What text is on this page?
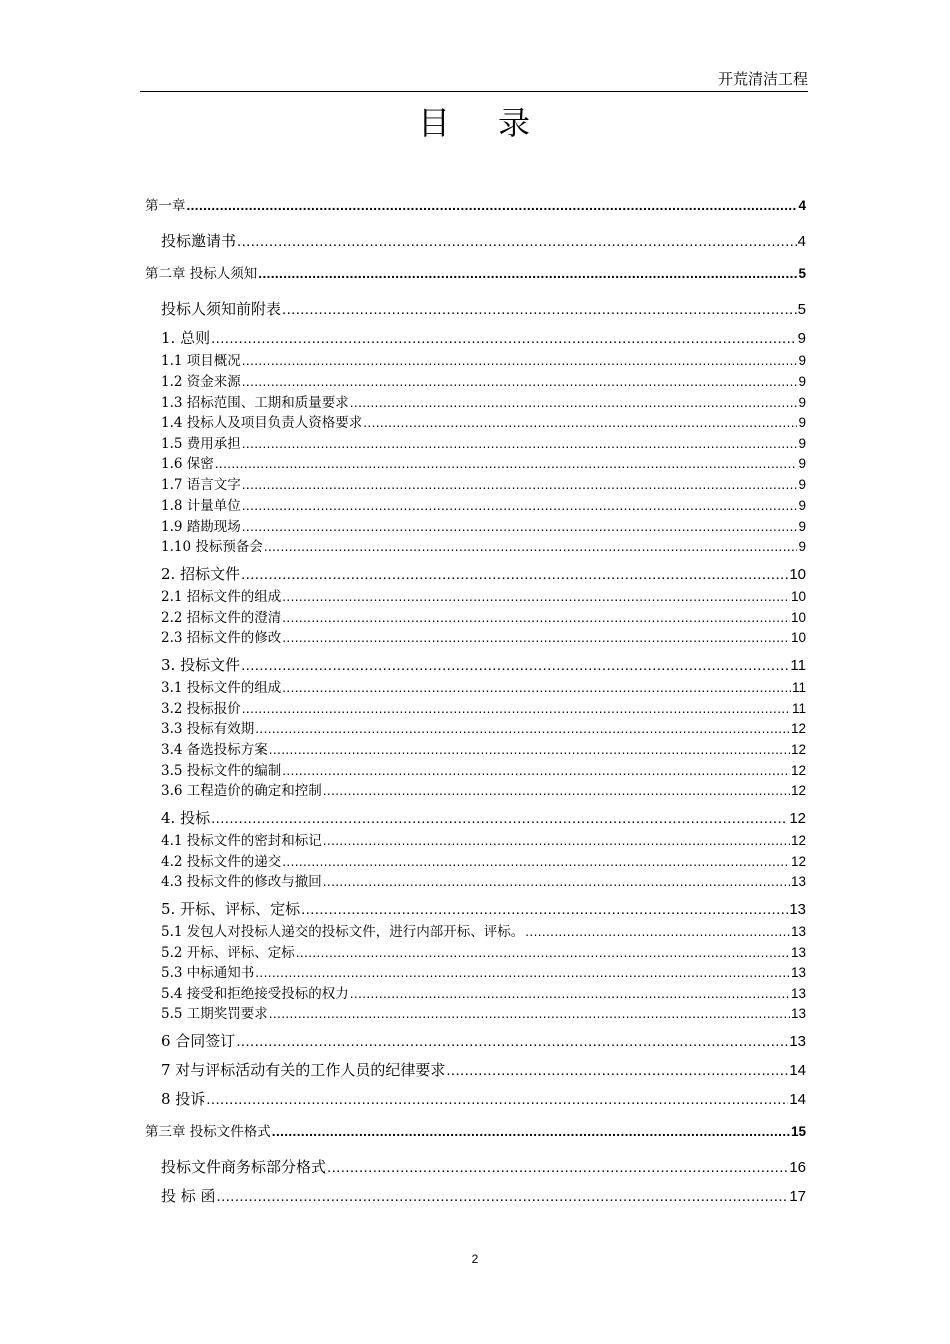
开荒清洁工程
目 录
第一章 .....	4
投标邀请书 .....	4
第二章 投标人须知 .....	5
投标人须知前附表 .....	5
1. 总则 .....	9
1.1 项目概况 .....	9
1.2 资金来源 .....	9
1.3 招标范围、工期和质量要求 .....	9
1.4 投标人及项目负责人资格要求 .....	9
1.5 费用承担 .....	9
1.6 保密 .....	9
1.7 语言文字 .....	9
1.8 计量单位 .....	9
1.9 踏勘现场 .....	9
1.10 投标预备会 .....	9
2. 招标文件 .....	10
2.1 招标文件的组成 .....	10
2.2 招标文件的澄清 .....	10
2.3 招标文件的修改 .....	10
3. 投标文件 .....	11
3.1 投标文件的组成 .....	11
3.2 投标报价 .....	11
3.3 投标有效期 .....	12
3.4 备选投标方案 .....	12
3.5 投标文件的编制 .....	12
3.6 工程造价的确定和控制 .....	12
4. 投标 .....	12
4.1 投标文件的密封和标记 .....	12
4.2 投标文件的递交 .....	12
4.3 投标文件的修改与撤回 .....	13
5. 开标、评标、定标 .....	13
5.1 发包人对投标人递交的投标文件，进行内部开标、评标。 .....	13
5.2 开标、评标、定标 .....	13
5.3 中标通知书 .....	13
5.4 接受和拒绝接受投标的权力 .....	13
5.5 工期奖罚要求 .....	13
6 合同签订 .....	13
7 对与评标活动有关的工作人员的纪律要求 .....	14
8 投诉 .....	14
第三章 投标文件格式 .....	15
投标文件商务标部分格式 .....	16
投 标 函 .....	17
2
